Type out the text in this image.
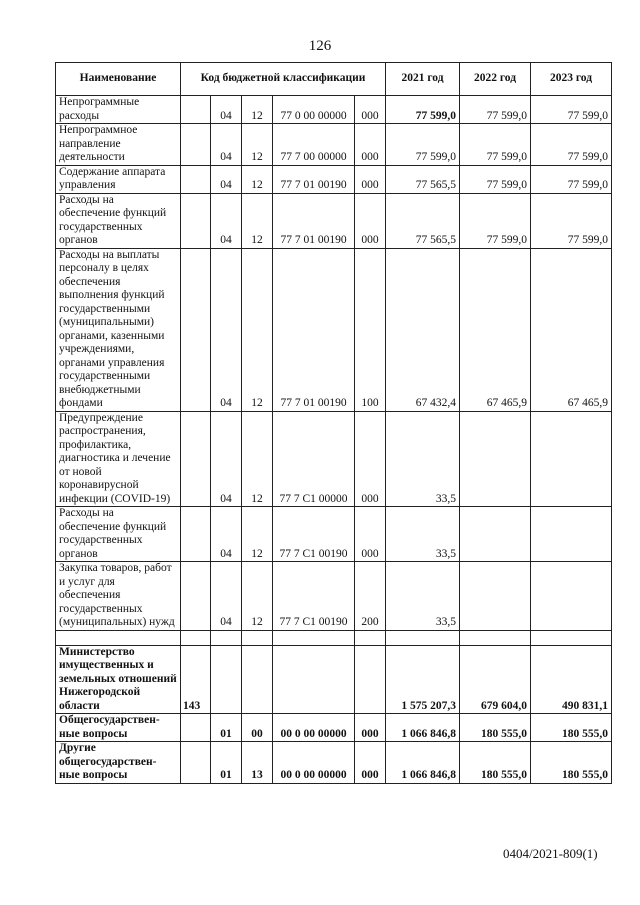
126
Наименование	Код бюджетной классификации					2021 год	2022 год	2023 год
Непрограммные расходы		04	12	77 0 00 00000	000	77 599,0	77 599,0	77 599,0
Непрограммное направление деятельности		04	12	77 7 00 00000	000	77 599,0	77 599,0	77 599,0
Содержание аппарата управления		04	12	77 7 01 00190	000	77 565,5	77 599,0	77 599,0
Расходы на обеспечение функций государственных органов		04	12	77 7 01 00190	000	77 565,5	77 599,0	77 599,0
Расходы на выплаты персоналу в целях обеспечения выполнения функций государственными (муниципальными) органами, казенными учреждениями, органами управления государственными внебюджетными фондами		04	12	77 7 01 00190	100	67 432,4	67 465,9	67 465,9
Предупреждение распространения, профилактика, диагностика и лечение от новой коронавирусной инфекции (COVID-19)		04	12	77 7 C1 00000	000	33,5		
Расходы на обеспечение функций государственных органов		04	12	77 7 C1 00190	000	33,5		
Закупка товаров, работ и услуг для обеспечения государственных (муниципальных) нужд		04	12	77 7 C1 00190	200	33,5		

Министерство имущественных и земельных отношений Нижегородской области	143					1 575 207,3	679 604,0	490 831,1
Общегосударствен-ные вопросы		01	00	00 0 00 00000	000	1 066 846,8	180 555,0	180 555,0
Другие общегосударствен-ные вопросы		01	13	00 0 00 00000	000	1 066 846,8	180 555,0	180 555,0
0404/2021-809(1)
